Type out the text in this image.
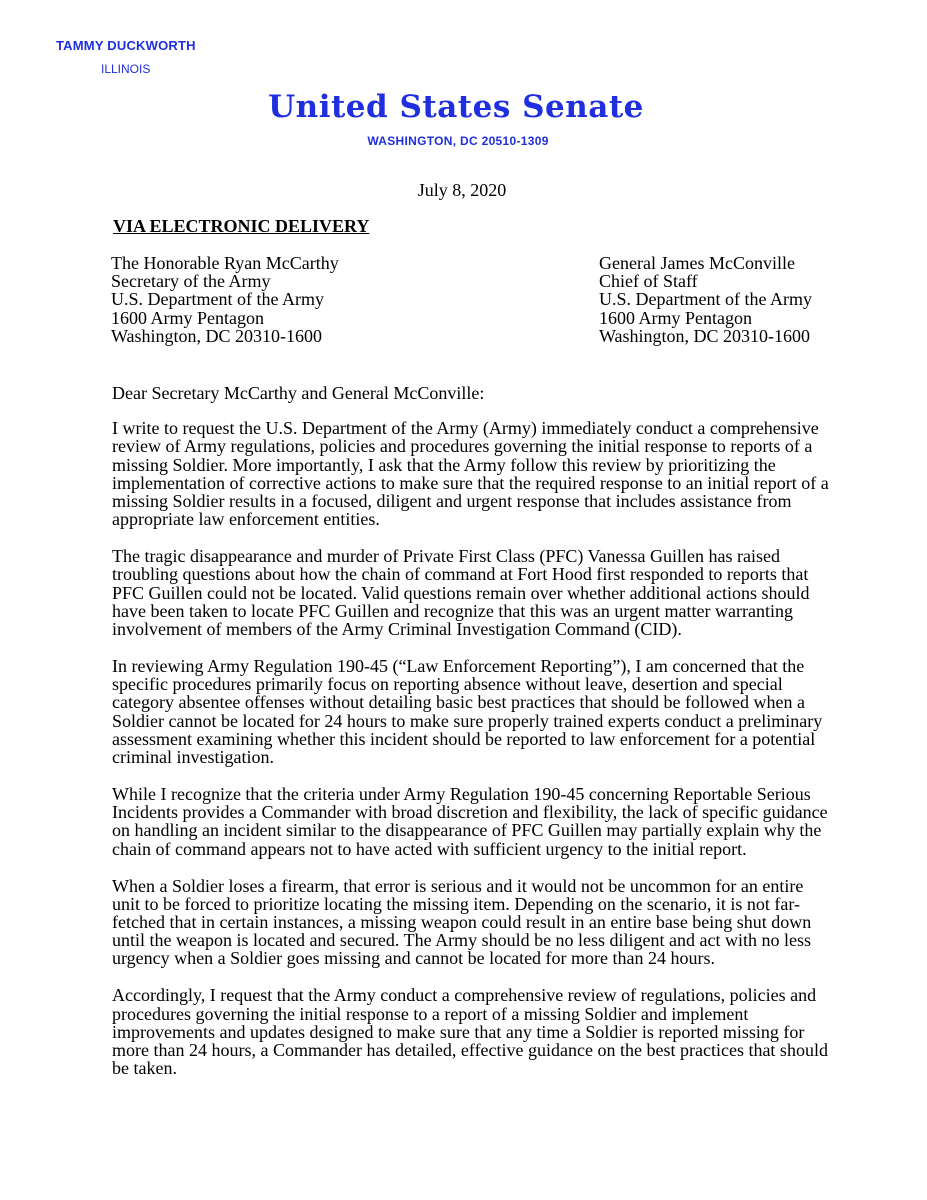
TAMMY DUCKWORTH
ILLINOIS
United States Senate
WASHINGTON, DC 20510-1309
July 8, 2020
VIA ELECTRONIC DELIVERY
The Honorable Ryan McCarthy
Secretary of the Army
U.S. Department of the Army
1600 Army Pentagon
Washington, DC 20310-1600
General James McConville
Chief of Staff
U.S. Department of the Army
1600 Army Pentagon
Washington, DC 20310-1600

Dear Secretary McCarthy and General McConville:

I write to request the U.S. Department of the Army (Army) immediately conduct a comprehensive review of Army regulations, policies and procedures governing the initial response to reports of a missing Soldier. More importantly, I ask that the Army follow this review by prioritizing the implementation of corrective actions to make sure that the required response to an initial report of a missing Soldier results in a focused, diligent and urgent response that includes assistance from appropriate law enforcement entities.

The tragic disappearance and murder of Private First Class (PFC) Vanessa Guillen has raised troubling questions about how the chain of command at Fort Hood first responded to reports that PFC Guillen could not be located. Valid questions remain over whether additional actions should have been taken to locate PFC Guillen and recognize that this was an urgent matter warranting involvement of members of the Army Criminal Investigation Command (CID).

In reviewing Army Regulation 190-45 (“Law Enforcement Reporting”), I am concerned that the specific procedures primarily focus on reporting absence without leave, desertion and special category absentee offenses without detailing basic best practices that should be followed when a Soldier cannot be located for 24 hours to make sure properly trained experts conduct a preliminary assessment examining whether this incident should be reported to law enforcement for a potential criminal investigation.

While I recognize that the criteria under Army Regulation 190-45 concerning Reportable Serious Incidents provides a Commander with broad discretion and flexibility, the lack of specific guidance on handling an incident similar to the disappearance of PFC Guillen may partially explain why the chain of command appears not to have acted with sufficient urgency to the initial report.

When a Soldier loses a firearm, that error is serious and it would not be uncommon for an entire unit to be forced to prioritize locating the missing item. Depending on the scenario, it is not far-fetched that in certain instances, a missing weapon could result in an entire base being shut down until the weapon is located and secured. The Army should be no less diligent and act with no less urgency when a Soldier goes missing and cannot be located for more than 24 hours.

Accordingly, I request that the Army conduct a comprehensive review of regulations, policies and procedures governing the initial response to a report of a missing Soldier and implement improvements and updates designed to make sure that any time a Soldier is reported missing for more than 24 hours, a Commander has detailed, effective guidance on the best practices that should be taken.
